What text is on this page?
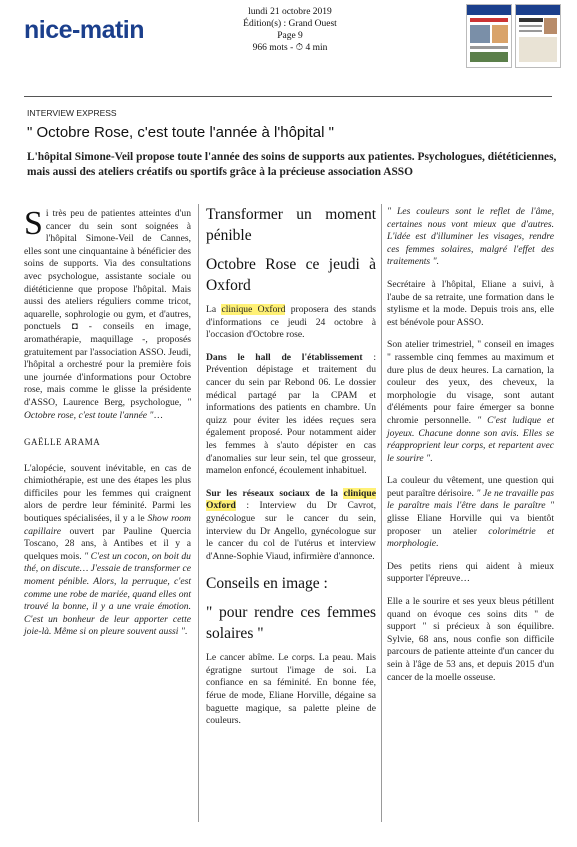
nice-matin
lundi 21 octobre 2019
Édition(s) : Grand Ouest
Page 9
966 mots - ⏱ 4 min
INTERVIEW EXPRESS
" Octobre Rose, c'est toute l'année à l'hôpital "
L'hôpital Simone-Veil propose toute l'année des soins de supports aux patientes. Psychologues, diététiciennes, mais aussi des ateliers créatifs ou sportifs grâce à la précieuse association ASSO

Si très peu de patientes atteintes d'un cancer du sein sont soignées à l'hôpital Simone-Veil de Cannes, elles sont une cinquantaine à bénéficier des soins de supports. Via des consultations avec psychologue, assistante sociale ou diététicienne que propose l'hôpital. Mais aussi des ateliers réguliers comme tricot, aquarelle, sophrologie ou gym, et d'autres, ponctuels ◘ - conseils en image, aromathérapie, maquillage -, proposés gratuitement par l'association ASSO. Jeudi, l'hôpital a orchestré pour la première fois une journée d'informations pour Octobre rose, mais comme le glisse la présidente d'ASSO, Laurence Berg, psychologue, " Octobre rose, c'est toute l'année "…

GAËLLE ARAMA

L'alopécie, souvent inévitable, en cas de chimiothérapie, est une des étapes les plus difficiles pour les femmes qui craignent alors de perdre leur féminité. Parmi les boutiques spécialisées, il y a le Show room capillaire ouvert par Pauline Quercia Toscano, 28 ans, à Antibes et il y a quelques mois. " C'est un cocon, on boit du thé, on discute… J'essaie de transformer ce moment pénible. Alors, la perruque, c'est comme une robe de mariée, quand elles ont trouvé la bonne, il y a une vraie émotion. C'est un bonheur de leur apporter cette joie-là. Même si on pleure souvent aussi ".

Transformer un moment pénible
Octobre Rose ce jeudi à Oxford

La clinique Oxford proposera des stands d'informations ce jeudi 24 octobre à l'occasion d'Octobre rose.

Dans le hall de l'établissement : Prévention dépistage et traitement du cancer du sein par Rebond 06. Le dossier médical partagé par la CPAM et informations des patients en chambre. Un quizz pour éviter les idées reçues sera également proposé. Pour notamment aider les femmes à s'auto dépister en cas d'anomalies sur leur sein, tel que grosseur, mamelon enfoncé, écoulement inhabituel.

Sur les réseaux sociaux de la clinique Oxford : Interview du Dr Cavrot, gynécologue sur le cancer du sein, interview du Dr Angello, gynécologue sur le cancer du col de l'utérus et interview d'Anne-Sophie Viaud, infirmière d'annonce.

Conseils en image :
" pour rendre ces femmes solaires "

Le cancer abîme. Le corps. La peau. Mais égratigne surtout l'image de soi. La confiance en sa féminité. En bonne fée, férue de mode, Eliane Horville, dégaine sa baguette magique, sa palette pleine de couleurs.

" Les couleurs sont le reflet de l'âme, certaines nous vont mieux que d'autres. L'idée est d'illuminer les visages, rendre ces femmes solaires, malgré l'effet des traitements ".

Secrétaire à l'hôpital, Eliane a suivi, à l'aube de sa retraite, une formation dans le stylisme et la mode. Depuis trois ans, elle est bénévole pour ASSO.

Son atelier trimestriel, " conseil en images " rassemble cinq femmes au maximum et dure plus de deux heures. La carnation, la couleur des yeux, des cheveux, la morphologie du visage, sont autant d'éléments pour faire émerger sa bonne chromie personnelle. " C'est ludique et joyeux. Chacune donne son avis. Elles se réapproprient leur corps, et repartent avec le sourire ".

La couleur du vêtement, une question qui peut paraître dérisoire. " Je ne travaille pas le paraître mais l'être dans le paraître " glisse Eliane Horville qui va bientôt proposer un atelier colorimétrie et morphologie.

Des petits riens qui aident à mieux supporter l'épreuve…

Elle a le sourire et ses yeux bleus pétillent quand on évoque ces soins dits " de support " si précieux à son équilibre. Sylvie, 68 ans, nous confie son difficile parcours de patiente atteinte d'un cancer du sein à l'âge de 53 ans, et depuis 2015 d'un cancer de la moelle osseuse.
